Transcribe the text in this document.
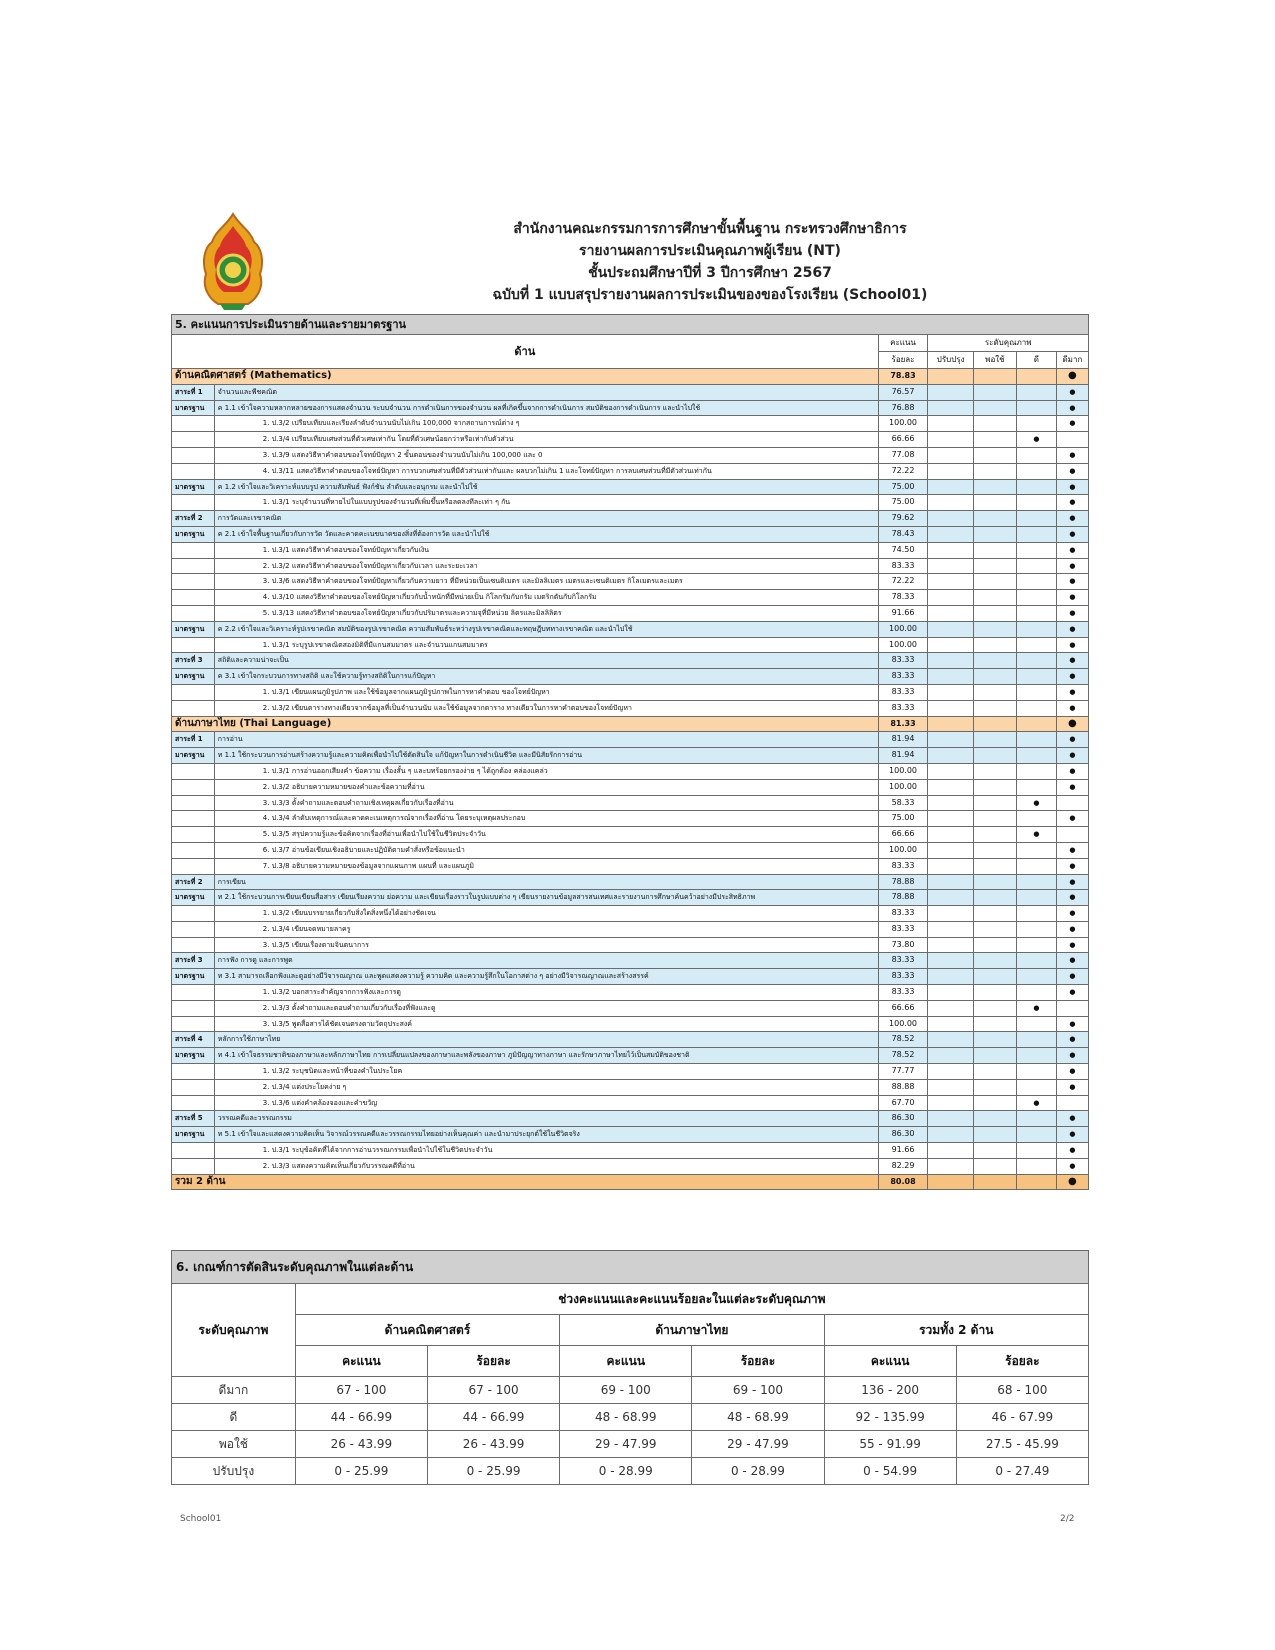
สำนักงานคณะกรรมการการศึกษาขั้นพื้นฐาน กระทรวงศึกษาธิการ
รายงานผลการประเมินคุณภาพผู้เรียน (NT)
ชั้นประถมศึกษาปีที่ 3 ปีการศึกษา 2567
ฉบับที่ 1 แบบสรุปรายงานผลการประเมินของของโรงเรียน (School01)
5. คะแนนการประเมินรายด้านและรายมาตรฐาน						
ด้าน		คะแนน	ระดับคุณภาพ			
		ร้อยละ	ปรับปรุง	พอใช้	ดี	ดีมาก
ด้านคณิตศาสตร์ (Mathematics)		78.83				●
สาระที่ 1	จำนวนและพีชคณิต	76.57				●
มาตรฐาน	ค 1.1 เข้าใจความหลากหลายของการแสดงจำนวน ระบบจำนวน การดำเนินการของจำนวน ผลที่เกิดขึ้นจากการดำเนินการ สมบัติของการดำเนินการ และนำไปใช้	76.88				●
	1. ป.3/2 เปรียบเทียบและเรียงลำดับจำนวนนับไม่เกิน 100,000 จากสถานการณ์ต่าง ๆ	100.00				●
	2. ป.3/4 เปรียบเทียบเศษส่วนที่ตัวเศษเท่ากัน โดยที่ตัวเศษน้อยกว่าหรือเท่ากับตัวส่วน	66.66			●	
	3. ป.3/9 แสดงวิธีหาคำตอบของโจทย์ปัญหา 2 ขั้นตอนของจำนวนนับไม่เกิน 100,000 และ 0	77.08				●
	4. ป.3/11 แสดงวิธีหาคำตอบของโจทย์ปัญหา การบวกเศษส่วนที่มีตัวส่วนเท่ากันและ ผลบวกไม่เกิน 1 และโจทย์ปัญหา การลบเศษส่วนที่มีตัวส่วนเท่ากัน	72.22				●
มาตรฐาน	ค 1.2 เข้าใจและวิเคราะห์แบบรูป ความสัมพันธ์ ฟังก์ชัน ลำดับและอนุกรม และนำไปใช้	75.00				●
	1. ป.3/1 ระบุจำนวนที่หายไปในแบบรูปของจำนวนที่เพิ่มขึ้นหรือลดลงทีละเท่า ๆ กัน	75.00				●
สาระที่ 2	การวัดและเรขาคณิต	79.62				●
มาตรฐาน	ค 2.1 เข้าใจพื้นฐานเกี่ยวกับการวัด วัดและคาดคะเนขนาดของสิ่งที่ต้องการวัด และนำไปใช้	78.43				●
	1. ป.3/1 แสดงวิธีหาคำตอบของโจทย์ปัญหาเกี่ยวกับเงิน	74.50				●
	2. ป.3/2 แสดงวิธีหาคำตอบของโจทย์ปัญหาเกี่ยวกับเวลา และระยะเวลา	83.33				●
	3. ป.3/6 แสดงวิธีหาคำตอบของโจทย์ปัญหาเกี่ยวกับความยาว ที่มีหน่วยเป็นเซนติเมตร และมิลลิเมตร เมตรและเซนติเมตร กิโลเมตรและเมตร	72.22				●
	4. ป.3/10 แสดงวิธีหาคำตอบของโจทย์ปัญหาเกี่ยวกับน้ำหนักที่มีหน่วยเป็น กิโลกรัมกับกรัม เมตริกตันกับกิโลกรัม	78.33				●
	5. ป.3/13 แสดงวิธีหาคำตอบของโจทย์ปัญหาเกี่ยวกับปริมาตรและความจุที่มีหน่วย ลิตรและมิลลิลิตร	91.66				●
มาตรฐาน	ค 2.2 เข้าใจและวิเคราะห์รูปเรขาคณิต สมบัติของรูปเรขาคณิต ความสัมพันธ์ระหว่างรูปเรขาคณิตและทฤษฎีบททางเรขาคณิต และนำไปใช้	100.00				●
	1. ป.3/1 ระบุรูปเรขาคณิตสองมิติที่มีแกนสมมาตร และจำนวนแกนสมมาตร	100.00				●
สาระที่ 3	สถิติและความน่าจะเป็น	83.33				●
มาตรฐาน	ค 3.1 เข้าใจกระบวนการทางสถิติ และใช้ความรู้ทางสถิติในการแก้ปัญหา	83.33				●
	1. ป.3/1 เขียนแผนภูมิรูปภาพ และใช้ข้อมูลจากแผนภูมิรูปภาพในการหาคำตอบ ของโจทย์ปัญหา	83.33				●
	2. ป.3/2 เขียนตารางทางเดียวจากข้อมูลที่เป็นจำนวนนับ และใช้ข้อมูลจากตาราง ทางเดียวในการหาคำตอบของโจทย์ปัญหา	83.33				●
ด้านภาษาไทย (Thai Language)		81.33				●
สาระที่ 1	การอ่าน	81.94				●
มาตรฐาน	ท 1.1 ใช้กระบวนการอ่านสร้างความรู้และความคิดเพื่อนำไปใช้ตัดสินใจ แก้ปัญหาในการดำเนินชีวิต และมีนิสัยรักการอ่าน	81.94				●
	1. ป.3/1 การอ่านออกเสียงคำ ข้อความ เรื่องสั้น ๆ และบทร้อยกรองง่าย ๆ ได้ถูกต้อง คล่องแคล่ว	100.00				●
	2. ป.3/2 อธิบายความหมายของคำและข้อความที่อ่าน	100.00				●
	3. ป.3/3 ตั้งคำถามและตอบคำถามเชิงเหตุผลเกี่ยวกับเรื่องที่อ่าน	58.33			●	
	4. ป.3/4 ลำดับเหตุการณ์และคาดคะเนเหตุการณ์จากเรื่องที่อ่าน โดยระบุเหตุผลประกอบ	75.00				●
	5. ป.3/5 สรุปความรู้และข้อคิดจากเรื่องที่อ่านเพื่อนำไปใช้ในชีวิตประจำวัน	66.66			●	
	6. ป.3/7 อ่านข้อเขียนเชิงอธิบายและปฏิบัติตามคำสั่งหรือข้อแนะนำ	100.00				●
	7. ป.3/8 อธิบายความหมายของข้อมูลจากแผนภาพ แผนที่ และแผนภูมิ	83.33				●
สาระที่ 2	การเขียน	78.88				●
มาตรฐาน	ท 2.1 ใช้กระบวนการเขียนเขียนสื่อสาร เขียนเรียงความ ย่อความ และเขียนเรื่องราวในรูปแบบต่าง ๆ เขียนรายงานข้อมูลสารสนเทศและรายงานการศึกษาค้นคว้าอย่างมีประสิทธิภาพ	78.88				●
	1. ป.3/2 เขียนบรรยายเกี่ยวกับสิ่งใดสิ่งหนึ่งได้อย่างชัดเจน	83.33				●
	2. ป.3/4 เขียนจดหมายลาครู	83.33				●
	3. ป.3/5 เขียนเรื่องตามจินตนาการ	73.80				●
สาระที่ 3	การฟัง การดู และการพูด	83.33				●
มาตรฐาน	ท 3.1 สามารถเลือกฟังและดูอย่างมีวิจารณญาณ และพูดแสดงความรู้ ความคิด และความรู้สึกในโอกาสต่าง ๆ อย่างมีวิจารณญาณและสร้างสรรค์	83.33				●
	1. ป.3/2 บอกสาระสำคัญจากการฟังและการดู	83.33				●
	2. ป.3/3 ตั้งคำถามและตอบคำถามเกี่ยวกับเรื่องที่ฟังและดู	66.66			●	
	3. ป.3/5 พูดสื่อสารได้ชัดเจนตรงตามวัตถุประสงค์	100.00				●
สาระที่ 4	หลักการใช้ภาษาไทย	78.52				●
มาตรฐาน	ท 4.1 เข้าใจธรรมชาติของภาษาและหลักภาษาไทย การเปลี่ยนแปลงของภาษาและพลังของภาษา ภูมิปัญญาทางภาษา และรักษาภาษาไทยไว้เป็นสมบัติของชาติ	78.52				●
	1. ป.3/2 ระบุชนิดและหน้าที่ของคำในประโยค	77.77				●
	2. ป.3/4 แต่งประโยคง่าย ๆ	88.88				●
	3. ป.3/6 แต่งคำคล้องจองและคำขวัญ	67.70			●	
สาระที่ 5	วรรณคดีและวรรณกรรม	86.30				●
มาตรฐาน	ท 5.1 เข้าใจและแสดงความคิดเห็น วิจารณ์วรรณคดีและวรรณกรรมไทยอย่างเห็นคุณค่า และนำมาประยุกต์ใช้ในชีวิตจริง	86.30				●
	1. ป.3/1 ระบุข้อคิดที่ได้จากการอ่านวรรณกรรมเพื่อนำไปใช้ในชีวิตประจำวัน	91.66				●
	2. ป.3/3 แสดงความคิดเห็นเกี่ยวกับวรรณคดีที่อ่าน	82.29				●
รวม 2 ด้าน		80.08				●
6. เกณฑ์การตัดสินระดับคุณภาพในแต่ละด้าน						
ระดับคุณภาพ	ช่วงคะแนนและคะแนนร้อยละในแต่ละระดับคุณภาพ					
	ด้านคณิตศาสตร์		ด้านภาษาไทย		รวมทั้ง 2 ด้าน	
	คะแนน	ร้อยละ	คะแนน	ร้อยละ	คะแนน	ร้อยละ
ดีมาก	67 - 100	67 - 100	69 - 100	69 - 100	136 - 200	68 - 100
ดี	44 - 66.99	44 - 66.99	48 - 68.99	48 - 68.99	92 - 135.99	46 - 67.99
พอใช้	26 - 43.99	26 - 43.99	29 - 47.99	29 - 47.99	55 - 91.99	27.5 - 45.99
ปรับปรุง	0 - 25.99	0 - 25.99	0 - 28.99	0 - 28.99	0 - 54.99	0 - 27.49
School01	2/2
